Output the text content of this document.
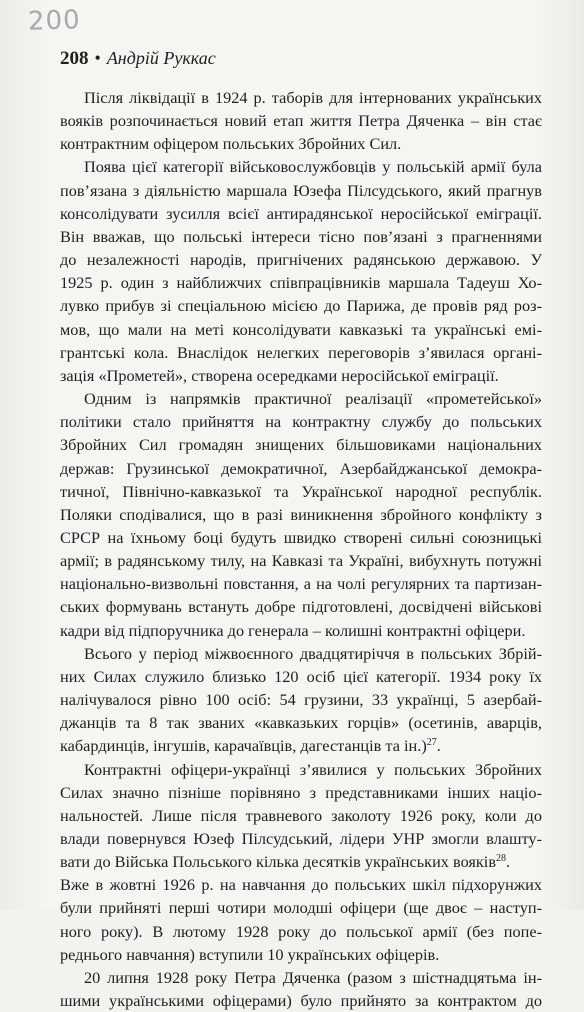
200
208 • Андрій Руккас
Після ліквідації в 1924 р. таборів для інтернованих українських
вояків розпочинається новий етап життя Петра Дяченка – він стає
контрактним офіцером польських Збройних Сил.
Поява цієї категорії військовослужбовців у польській армії була
пов’язана з діяльністю маршала Юзефа Пілсудського, який прагнув
консолідувати зусилля всієї антирадянської неросійської еміграції.
Він вважав, що польські інтереси тісно пов’язані з прагненнями
до незалежності народів, пригнічених радянською державою. У
1925 р. один з найближчих співпрацівників маршала Тадеуш Хо-
лувко прибув зі спеціальною місією до Парижа, де провів ряд роз-
мов, що мали на меті консолідувати кавказькі та українські емі-
грантські кола. Внаслідок нелегких переговорів з’явилася органі-
зація «Прометей», створена осередками неросійської еміграції.
Одним із напрямків практичної реалізації «прометейської»
політики стало прийняття на контрактну службу до польських
Збройних Сил громадян знищених більшовиками національних
держав: Грузинської демократичної, Азербайджанської демокра-
тичної, Північно-кавказької та Української народної республік.
Поляки сподівалися, що в разі виникнення збройного конфлікту з
СРСР на їхньому боці будуть швидко створені сильні союзницькі
армії; в радянському тилу, на Кавказі та Україні, вибухнуть потужні
національно-визвольні повстання, а на чолі регулярних та партизан-
ських формувань встануть добре підготовлені, досвідчені військові
кадри від підпоручника до генерала – колишні контрактні офіцери.
Всього у період міжвоєнного двадцятиріччя в польських Збрій-
них Силах служило близько 120 осіб цієї категорії. 1934 року їх
налічувалося рівно 100 осіб: 54 грузини, 33 українці, 5 азербай-
джанців та 8 так званих «кавказьких горців» (осетинів, аварців,
кабардинців, інгушів, карачаївців, дагестанців та ін.)$^{27}$.
Контрактні офіцери-українці з’явилися у польських Збройних
Силах значно пізніше порівняно з представниками інших націо-
нальностей. Лише після травневого заколоту 1926 року, коли до
влади повернувся Юзеф Пілсудський, лідери УНР змогли влашту-
вати до Війська Польського кілька десятків українських вояків$^{28}$.
Вже в жовтні 1926 р. на навчання до польських шкіл підхорунжих
були прийняті перші чотири молодші офіцери (ще двоє – наступ-
ного року). В лютому 1928 року до польської армії (без попе-
реднього навчання) вступили 10 українських офіцерів.
20 липня 1928 року Петра Дяченка (разом з шістнадцятьма ін-
шими українськими офіцерами) було прийнято за контрактом до
